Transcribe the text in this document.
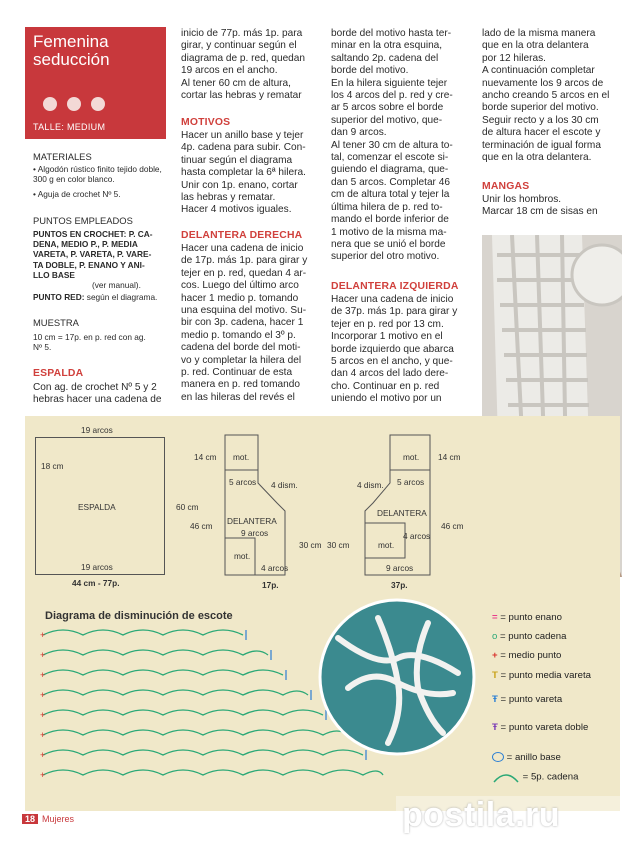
Femenina
seducción
TALLE: MEDIUM
MATERIALES
• Algodón rústico finito tejido doble, 300 g en color blanco.
• Aguja de crochet Nº 5.
PUNTOS EMPLEADOS
PUNTOS EN CROCHET: P. CA-
DENA, MEDIO P., P. MEDIA
VARETA, P. VARETA, P. VARE-
TA DOBLE, P. ENANO Y ANI-
LLO BASE
(ver manual).
PUNTO RED: según el diagrama.
MUESTRA
10 cm = 17p. en p. red con ag.
Nº 5.
ESPALDA
Con ag. de crochet Nº 5 y 2
hebras hacer una cadena de
inicio de 77p. más 1p. para
girar, y continuar según el
diagrama de p. red, quedan
19 arcos en el ancho.
Al tener 60 cm de altura,
cortar las hebras y rematar
MOTIVOS
Hacer un anillo base y tejer
4p. cadena para subir. Con-
tinuar según el diagrama
hasta completar la 6ª hilera.
Unir con 1p. enano, cortar
las hebras y rematar.
Hacer 4 motivos iguales.
DELANTERA DERECHA
Hacer una cadena de inicio
de 17p. más 1p. para girar y
tejer en p. red, quedan 4 ar-
cos. Luego del último arco
hacer 1 medio p. tomando
una esquina del motivo. Su-
bir con 3p. cadena, hacer 1
medio p. tomando el 3º p.
cadena del borde del moti-
vo y completar la hilera del
p. red. Continuar de esta
manera en p. red tomando
en las hileras del revés el
borde del motivo hasta ter-
minar en la otra esquina,
saltando 2p. cadena del
borde del motivo.
En la hilera siguiente tejer
los 4 arcos del p. red y cre-
ar 5 arcos sobre el borde
superior del motivo, que-
dan 9 arcos.
Al tener 30 cm de altura to-
tal, comenzar el escote si-
guiendo el diagrama, que-
dan 5 arcos. Completar 46
cm de altura total y tejer la
última hilera de p. red to-
mando el borde inferior de
1 motivo de la misma ma-
nera que se unió el borde
superior del otro motivo.
DELANTERA IZQUIERDA
Hacer una cadena de inicio
de 37p. más 1p. para girar y
tejer en p. red por 13 cm.
Incorporar 1 motivo en el
borde izquierdo que abarca
5 arcos en el ancho, y que-
dan 4 arcos del lado dere-
cho. Continuar en p. red
uniendo el motivo por un
lado de la misma manera
que en la otra delantera
por 12 hileras.
A continuación completar
nuevamente los 9 arcos de
ancho creando 5 arcos en el
borde superior del motivo.
Seguir recto y a los 30 cm
de altura hacer el escote y
terminación de igual forma
que en la otra delantera.
MANGAS
Unir los hombros.
Marcar 18 cm de sisas en
19 arcos
18 cm
ESPALDA	60 cm
19 arcos
44 cm - 77p.
14 cm mot.
5 arcos 4 dism.
46 cm DELANTERA
9 arcos
mot.
4 arcos
30 cm
17p.
14 cm
mot.
5 arcos
4 dism.
46 cm
DELANTERA
4 arcos
mot.
9 arcos
30 cm
37p.
Diagrama de disminución de escote
+
+
+
+
+
+
+
+
= = punto enano
o = punto cadena
+ = medio punto
T = punto media vareta
Ŧ = punto vareta
Ŧ = punto vareta doble
= anillo base
= 5p. cadena
18 Mujeres	postila.ru
